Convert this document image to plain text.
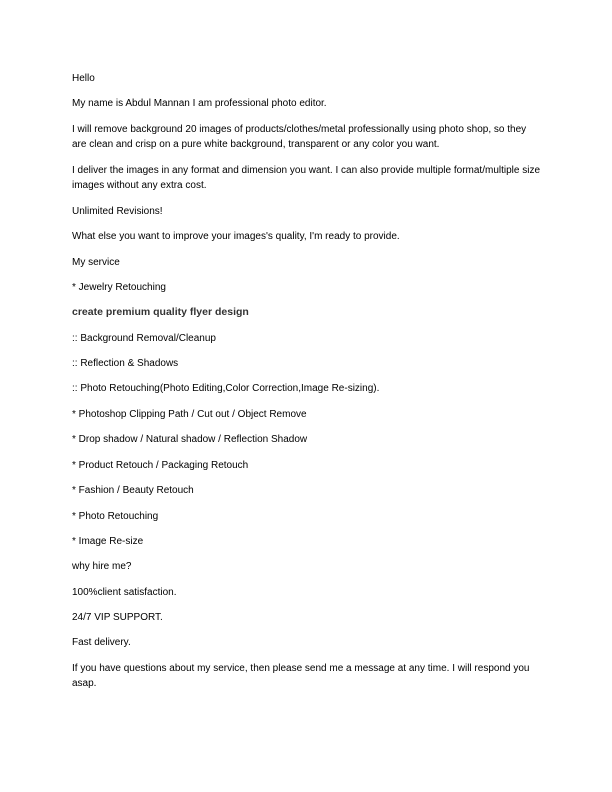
Hello

My name is Abdul Mannan I am professional photo editor.

I will remove background 20 images of products/clothes/metal professionally using photo shop, so they are clean and crisp on a pure white background, transparent or any color you want.

I deliver the images in any format and dimension you want. I can also provide multiple format/multiple size images without any extra cost.

Unlimited Revisions!

What else you want to improve your images's quality, I'm ready to provide.

My service

* Jewelry Retouching

create premium quality flyer design

:: Background Removal/Cleanup

:: Reflection & Shadows

:: Photo Retouching(Photo Editing,Color Correction,Image Re-sizing).

* Photoshop Clipping Path / Cut out / Object Remove

* Drop shadow / Natural shadow / Reflection Shadow

* Product Retouch / Packaging Retouch

* Fashion / Beauty Retouch

* Photo Retouching

* Image Re-size

why hire me?

100%client satisfaction.

24/7 VIP SUPPORT.

Fast delivery.

If you have questions about my service, then please send me a message at any time. I will respond you asap.
